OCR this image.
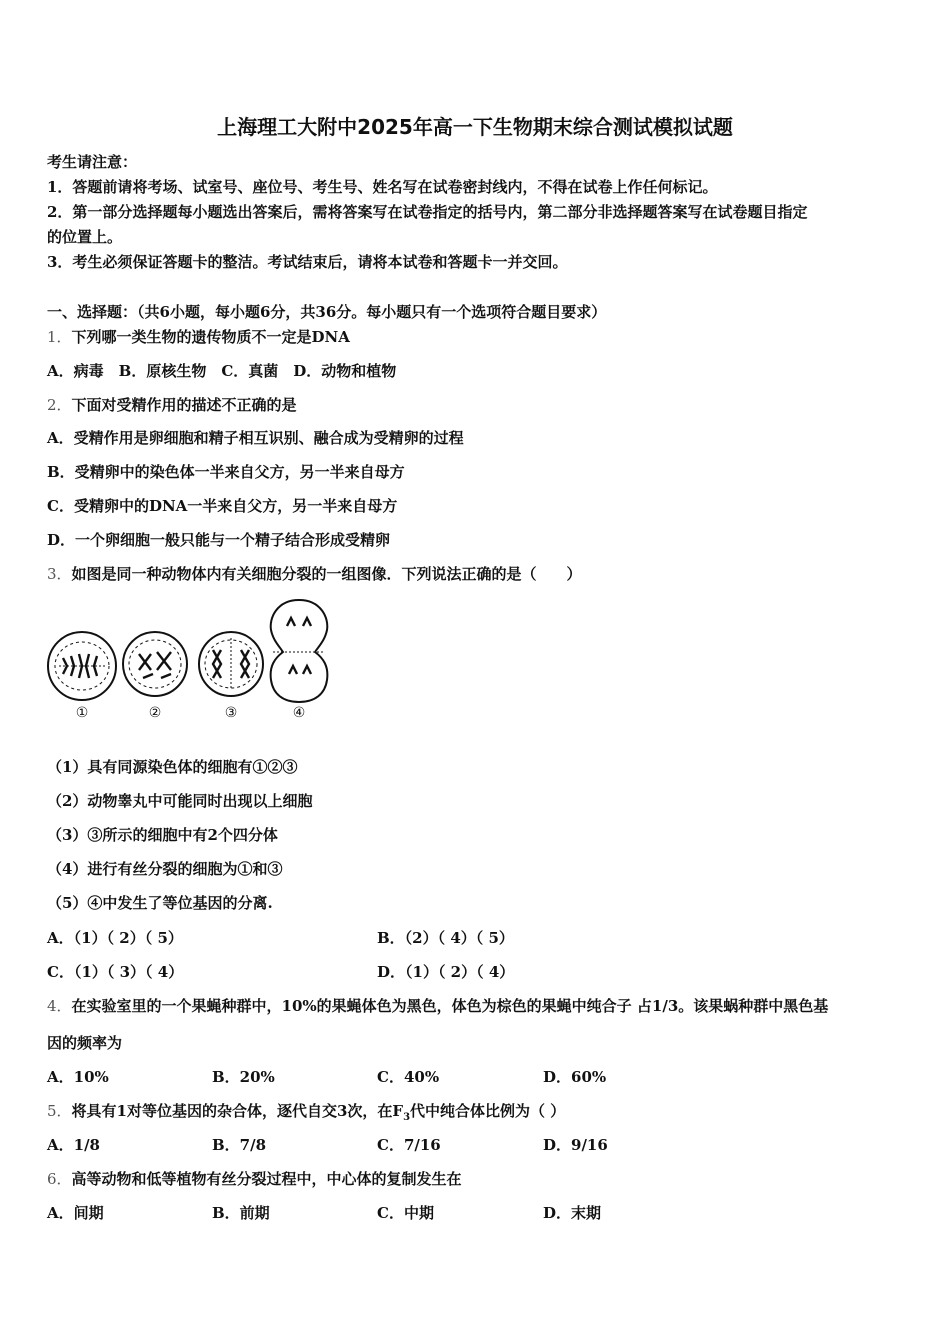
上海理工大附中2025年高一下生物期末综合测试模拟试题
考生请注意：
1．答题前请将考场、试室号、座位号、考生号、姓名写在试卷密封线内，不得在试卷上作任何标记。
2．第一部分选择题每小题选出答案后，需将答案写在试卷指定的括号内，第二部分非选择题答案写在试卷题目指定
的位置上。
3．考生必须保证答题卡的整洁。考试结束后，请将本试卷和答题卡一并交回。
一、选择题：（共6小题，每小题6分，共36分。每小题只有一个选项符合题目要求）
1．下列哪一类生物的遗传物质不一定是DNA
A．病毒　B．原核生物　C．真菌　D．动物和植物
2．下面对受精作用的描述不正确的是
A．受精作用是卵细胞和精子相互识别、融合成为受精卵的过程
B．受精卵中的染色体一半来自父方，另一半来自母方
C．受精卵中的DNA一半来自父方，另一半来自母方
D．一个卵细胞一般只能与一个精子结合形成受精卵
3．如图是同一种动物体内有关细胞分裂的一组图像．下列说法正确的是（　　）
①	②	③	④
（1）具有同源染色体的细胞有①②③
（2）动物睾丸中可能同时出现以上细胞
（3）③所示的细胞中有2个四分体
（4）进行有丝分裂的细胞为①和③
（5）④中发生了等位基因的分离.
A．（1）（ 2）（ 5）	B．（2）（ 4）（ 5）
C．（1）（ 3）（ 4）	D．（1）（ 2）（ 4）
4．在实验室里的一个果蝇种群中，10%的果蝇体色为黑色，体色为棕色的果蝇中纯合子 占1/3。该果蜗种群中黑色基
因的频率为
A．10%	B．20%	C．40%	D．60%
5．将具有1对等位基因的杂合体，逐代自交3次，在$F_3$代中纯合体比例为（ ）
A．1/8	B．7/8	C．7/16	D．9/16
6．高等动物和低等植物有丝分裂过程中，中心体的复制发生在
A．间期	B．前期	C．中期	D．末期
